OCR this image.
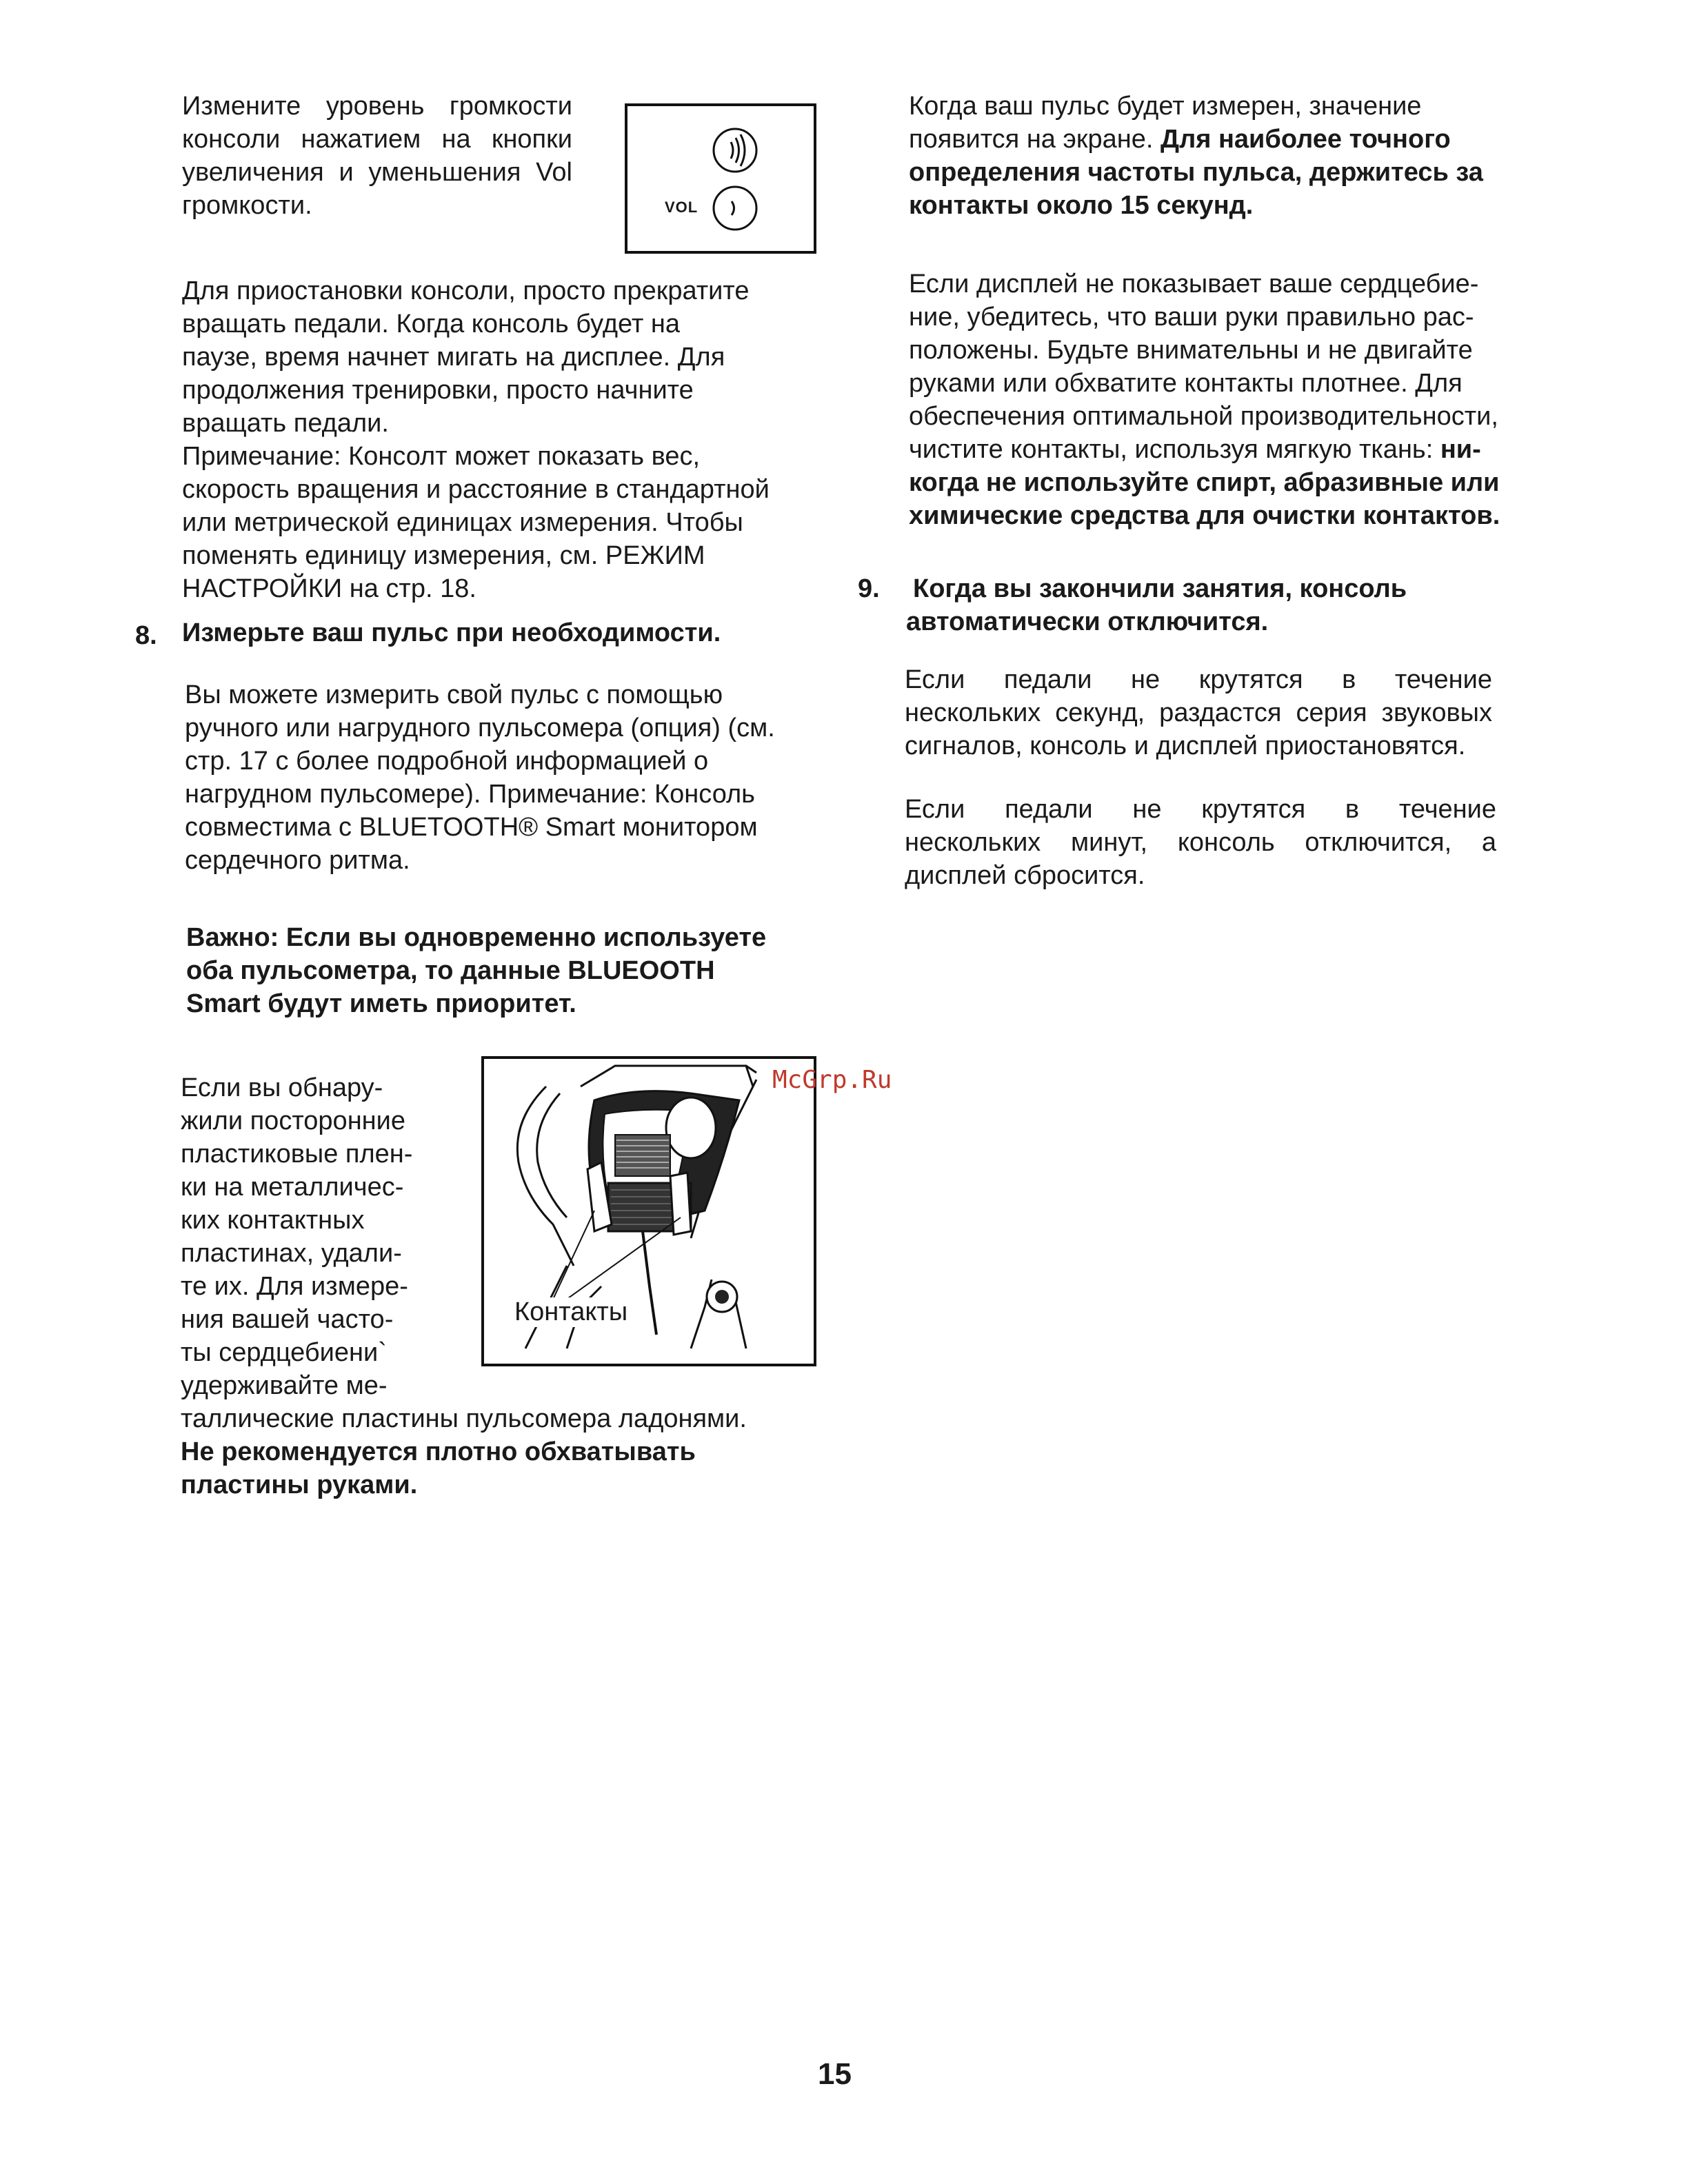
Измените уровень громкости
консоли нажатием на кнопки
увеличения и уменьшения Vol
громкости.	VOL
Для приостановки консоли, просто прекратите
вращать педали. Когда консоль будет на
паузе, время начнет мигать на дисплее. Для
продолжения тренировки, просто начните
вращать педали.
Примечание: Консолт может показать вес,
скорость вращения и расстояние в стандартной
или метрической единицах измерения. Чтобы
поменять единицу измерения, см. РЕЖИМ
НАСТРОЙКИ на стр. 18.
8. Измерьте ваш пульс при необходимости.
Вы можете измерить свой пульс с помощью
ручного или нагрудного пульсомера (опция) (см.
стр. 17 с более подробной информацией о
нагрудном пульсомере). Примечание: Консоль
совместима с BLUETOOTH® Smart монитором
сердечного ритма.
Важно: Если вы одновременно используете
оба пульсометра, то данные BLUEOOTH
Smart будут иметь приоритет.
Если вы обнару-
жили посторонние
пластиковые плен-
ки на металличес-
ких контактных
пластинах, удали-
те их. Для измере-
ния вашей часто-
ты сердцебиени`
удерживайте ме-
таллические пластины пульсомера ладонями.
Не рекомендуется плотно обхватывать
пластины руками.
Контакты
Когда ваш пульс будет измерен, значение
появится на экране. Для наиболее точного
определения частоты пульса, держитесь за
контакты около 15 секунд.
Если дисплей не показывает ваше сердцебие-
ние, убедитесь, что ваши руки правильно рас-
положены. Будьте внимательны и не двигайте
руками или обхватите контакты плотнее. Для
обеспечения оптимальной производительности,
чистите контакты, используя мягкую ткань: ни-
когда не используйте спирт, абразивные или
химические средства для очистки контактов.
9. Когда вы закончили занятия, консоль
автоматически отключится.
Если педали не крутятся в течение
нескольких секунд, раздастся серия звуковых
сигналов, консоль и дисплей приостановятся.
Если педали не крутятся в течение
нескольких минут, консоль отключится, а
дисплей сбросится.
McGrp.Ru
15
